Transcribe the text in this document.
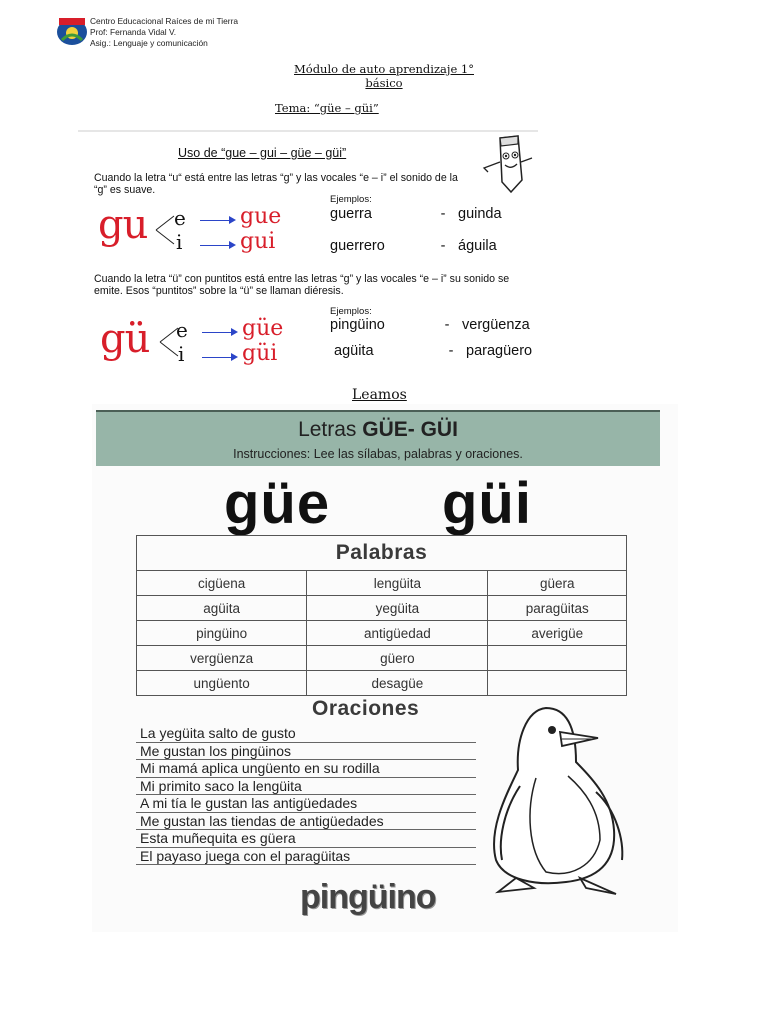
Centro Educacional Raíces de mi Tierra
Prof: Fernanda Vidal V.
Asig.: Lenguaje y comunicación
Módulo de auto aprendizaje 1°
básico
Tema: “güe – güi”
Uso de “gue – gui – güe – güi”
Cuando la letra “u“ está entre las letras “g” y las vocales “e – i” el sonido de la “g” es suave.
gu e
i
gue
gui
Ejemplos:
guerra	- guinda
guerrero	- águila
Cuando la letra “ü” con puntitos está entre las letras “g” y las vocales “e – i” su sonido se emite. Esos “puntitos” sobre la “ü” se llaman diéresis.
gü e
i
güe
güi
Ejemplos:
pingüino	- vergüenza
agüita	- paragüero
Leamos
Letras GÜE- GÜI
Instrucciones: Lee las sílabas, palabras y oraciones.
güe güi
Palabras		
cigüena	lengüita	güera
agüita	yegüita	paragüitas
pingüino	antigüedad	averigüe
vergüenza	güero	
ungüento	desagüe	
Oraciones
La yegüita salto de gusto
Me gustan los pingüinos
Mi mamá aplica ungüento en su rodilla
Mi primito saco la lengüita
A mi tía le gustan las antigüedades
Me gustan las tiendas de antigüedades
Esta muñequita es güera
El payaso juega con el paragüitas
pingüino
